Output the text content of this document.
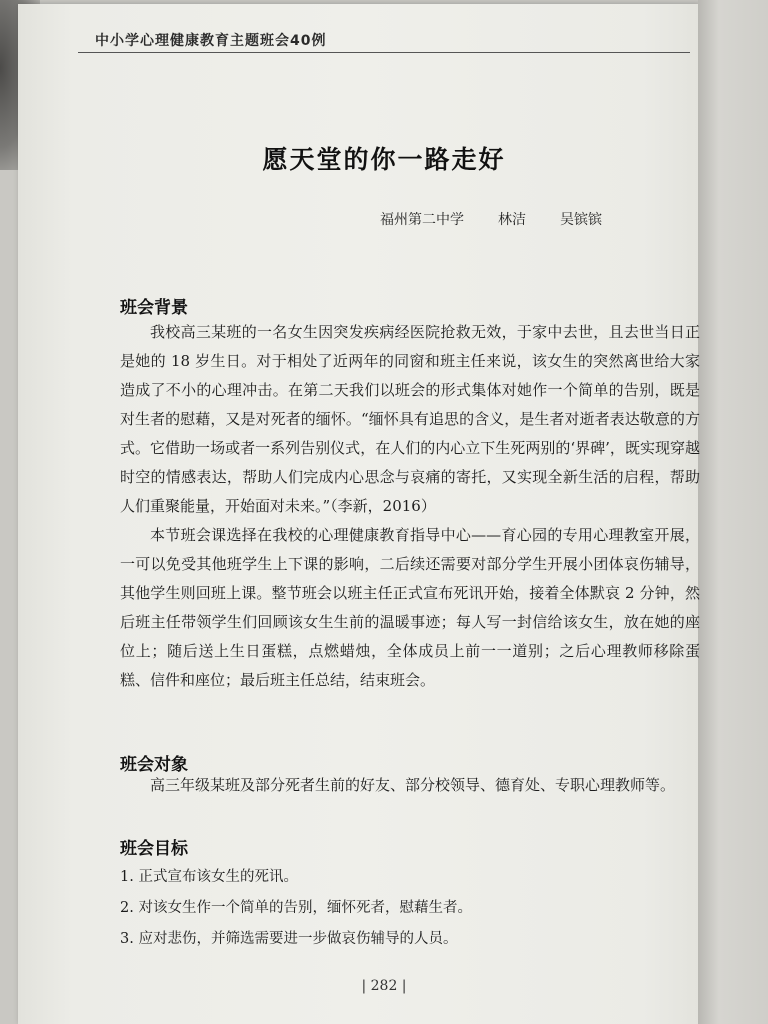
中小学心理健康教育主题班会40例
愿天堂的你一路走好
福州第二中学 林洁 吴镔镔
班会背景

我校高三某班的一名女生因突发疾病经医院抢救无效，于家中去世，且去世当日正是她的 18 岁生日。对于相处了近两年的同窗和班主任来说，该女生的突然离世给大家造成了不小的心理冲击。在第二天我们以班会的形式集体对她作一个简单的告别，既是对生者的慰藉，又是对死者的缅怀。“缅怀具有追思的含义，是生者对逝者表达敬意的方式。它借助一场或者一系列告别仪式，在人们的内心立下生死两别的‘界碑’，既实现穿越时空的情感表达，帮助人们完成内心思念与哀痛的寄托，又实现全新生活的启程，帮助人们重聚能量，开始面对未来。”（李新，2016）

本节班会课选择在我校的心理健康教育指导中心——育心园的专用心理教室开展，一可以免受其他班学生上下课的影响，二后续还需要对部分学生开展小团体哀伤辅导，其他学生则回班上课。整节班会以班主任正式宣布死讯开始，接着全体默哀 2 分钟，然后班主任带领学生们回顾该女生生前的温暖事迹；每人写一封信给该女生，放在她的座位上；随后送上生日蛋糕，点燃蜡烛，全体成员上前一一道别；之后心理教师移除蛋糕、信件和座位；最后班主任总结，结束班会。

班会对象

高三年级某班及部分死者生前的好友、部分校领导、德育处、专职心理教师等。

班会目标
1. 正式宣布该女生的死讯。
2. 对该女生作一个简单的告别，缅怀死者，慰藉生者。
3. 应对悲伤，并筛选需要进一步做哀伤辅导的人员。
| 282 |
